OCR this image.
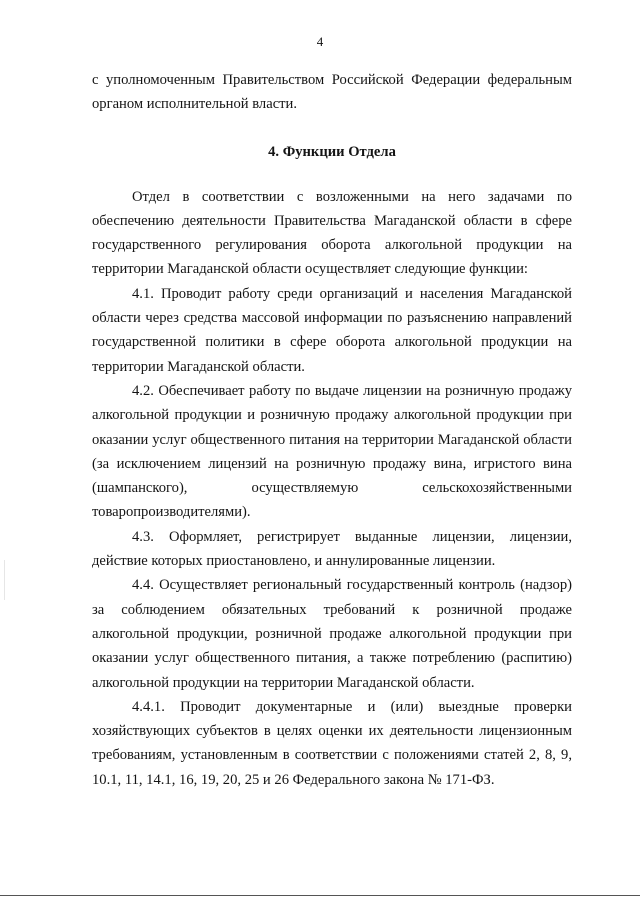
4

с уполномоченным Правительством Российской Федерации федеральным органом исполнительной власти.

4. Функции Отдела

Отдел в соответствии с возложенными на него задачами по обеспечению деятельности Правительства Магаданской области в сфере государственного регулирования оборота алкогольной продукции на территории Магаданской области осуществляет следующие функции:

4.1. Проводит работу среди организаций и населения Магаданской области через средства массовой информации по разъяснению направлений государственной политики в сфере оборота алкогольной продукции на территории Магаданской области.

4.2. Обеспечивает работу по выдаче лицензии на розничную продажу алкогольной продукции и розничную продажу алкогольной продукции при оказании услуг общественного питания на территории Магаданской области (за исключением лицензий на розничную продажу вина, игристого вина (шампанского), осуществляемую сельскохозяйственными товаропроизводителями).

4.3. Оформляет, регистрирует выданные лицензии, лицензии, действие которых приостановлено, и аннулированные лицензии.

4.4. Осуществляет региональный государственный контроль (надзор) за соблюдением обязательных требований к розничной продаже алкогольной продукции, розничной продаже алкогольной продукции при оказании услуг общественного питания, а также потреблению (распитию) алкогольной продукции на территории Магаданской области.

4.4.1. Проводит документарные и (или) выездные проверки хозяйствующих субъектов в целях оценки их деятельности лицензионным требованиям, установленным в соответствии с положениями статей 2, 8, 9, 10.1, 11, 14.1, 16, 19, 20, 25 и 26 Федерального закона № 171-ФЗ.
